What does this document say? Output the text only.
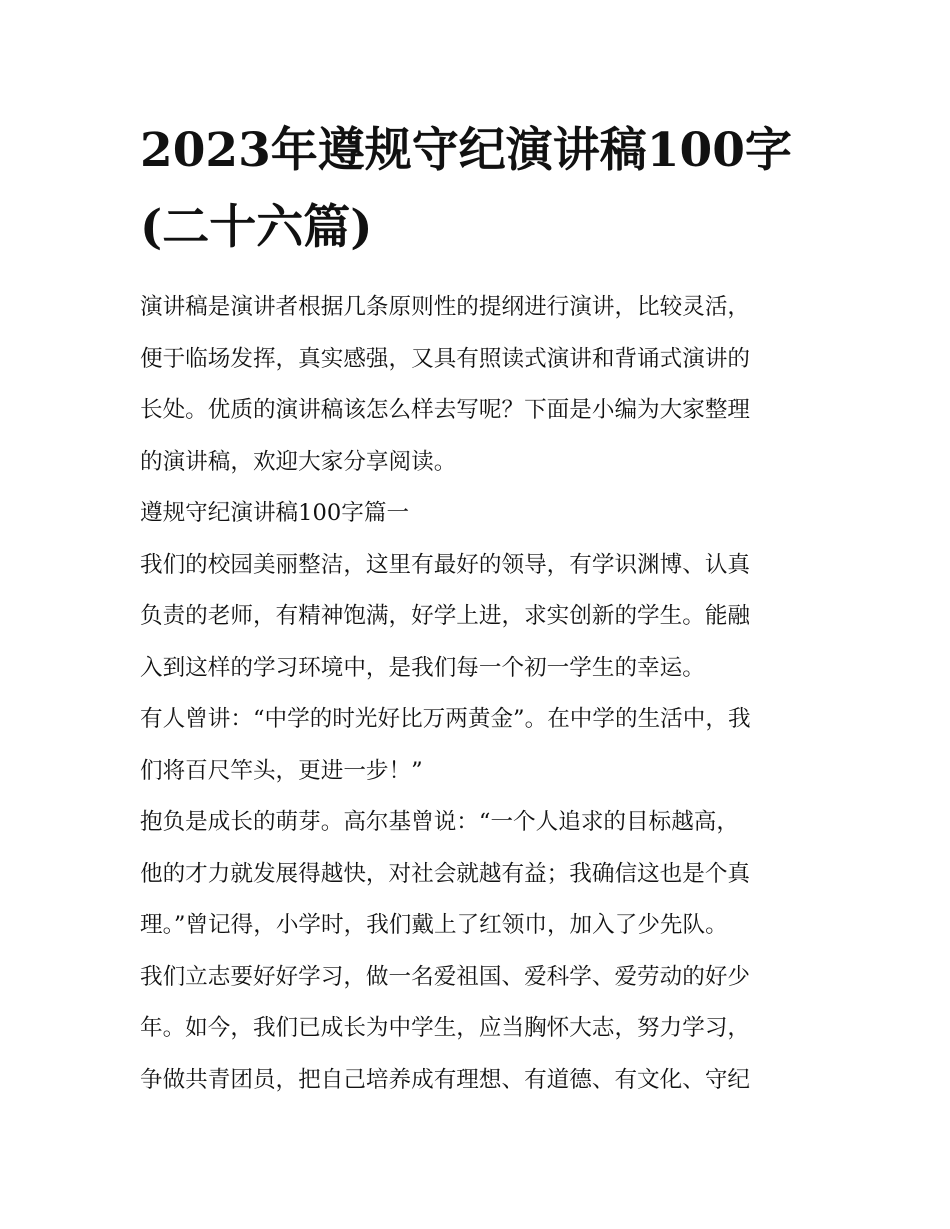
2023年遵规守纪演讲稿100字
(二十六篇)

演讲稿是演讲者根据几条原则性的提纲进行演讲，比较灵活，
便于临场发挥，真实感强，又具有照读式演讲和背诵式演讲的
长处。优质的演讲稿该怎么样去写呢？下面是小编为大家整理
的演讲稿，欢迎大家分享阅读。

遵规守纪演讲稿100字篇一

我们的校园美丽整洁，这里有最好的领导，有学识渊博、认真
负责的老师，有精神饱满，好学上进，求实创新的学生。能融
入到这样的学习环境中，是我们每一个初一学生的幸运。

有人曾讲：“中学的时光好比万两黄金”。在中学的生活中，我
们将百尺竿头，更进一步！”

抱负是成长的萌芽。高尔基曾说：“一个人追求的目标越高，
他的才力就发展得越快，对社会就越有益；我确信这也是个真
理。”曾记得，小学时，我们戴上了红领巾，加入了少先队。
我们立志要好好学习，做一名爱祖国、爱科学、爱劳动的好少
年。如今，我们已成长为中学生，应当胸怀大志，努力学习，
争做共青团员，把自己培养成有理想、有道德、有文化、守纪
